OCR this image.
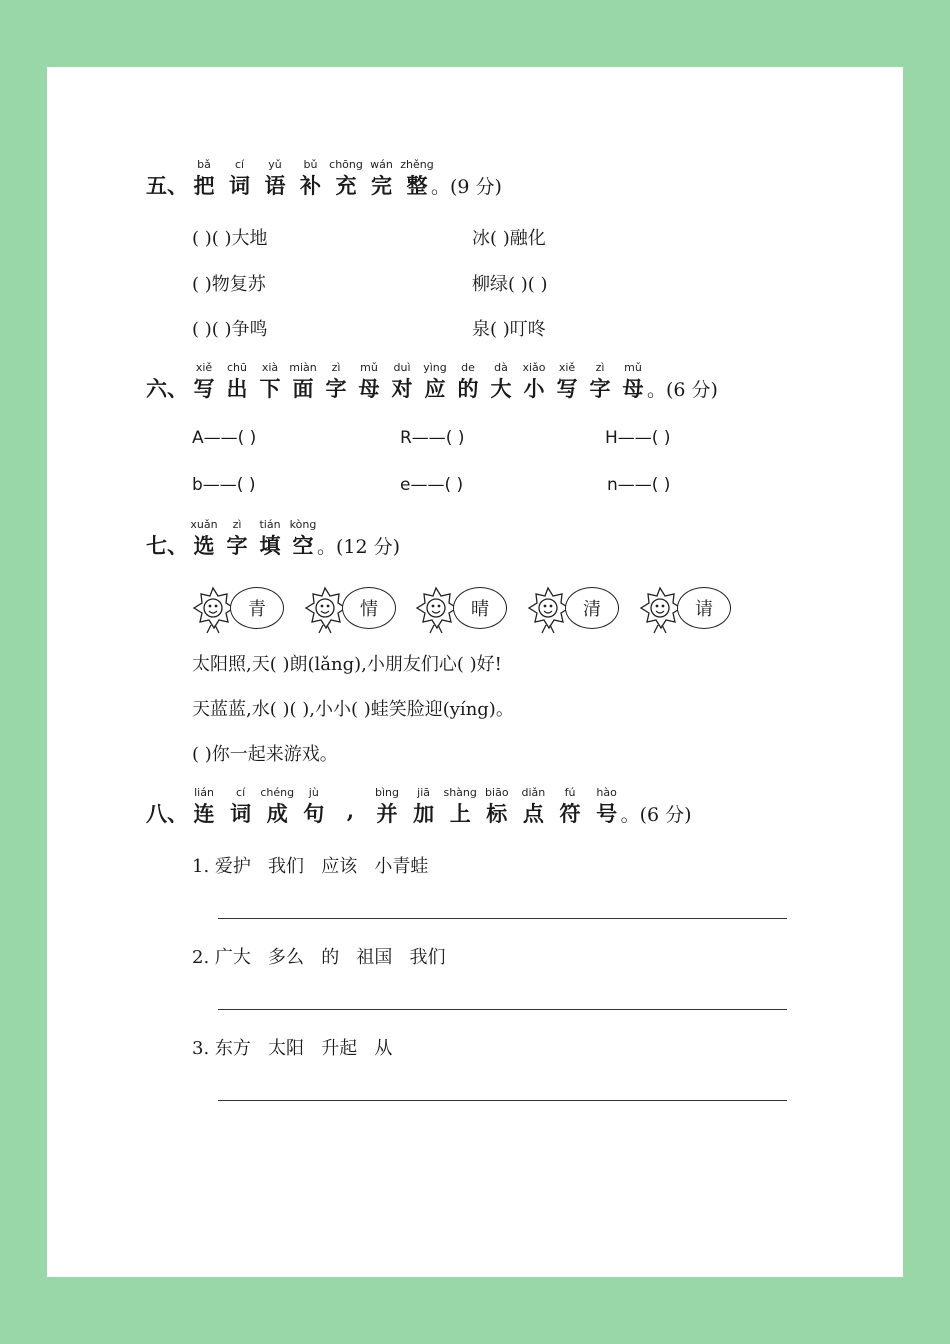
五、
bǎ
把
cí
词
yǔ
语
bǔ
补
chōng
充
wán
完
zhěng
整 。(9 分)
( )( )大地	冰( )融化
( )物复苏	柳绿( )( )
( )( )争鸣	泉( )叮咚
六、
xiě
写
chū
出
xià
下
miàn
面
zì
字
mǔ
母
duì
对
yìng
应
de
的
dà
大
xiǎo
小
xiě
写
zì
字
mǔ
母 。(6 分)
A——( )	R——( )	H——( )
b——( )	e——( )	n——( )
七、
xuǎn
选
zì
字
tián
填
kòng
空 。(12 分)
青	情	晴	清	请
太阳照,天( )朗(lǎng),小朋友们心( )好!
天蓝蓝,水( )( ),小小( )蛙笑脸迎(yíng)。
( )你一起来游戏。
八、
lián
连
cí
词
chéng
成
jù
句 ,
bìng
并
jiā
加
shàng
上
biāo
标
diǎn
点
fú
符
hào
号 。(6 分)
1. 爱护   我们   应该   小青蛙
2. 广大   多么   的   祖国   我们
3. 东方   太阳   升起   从
